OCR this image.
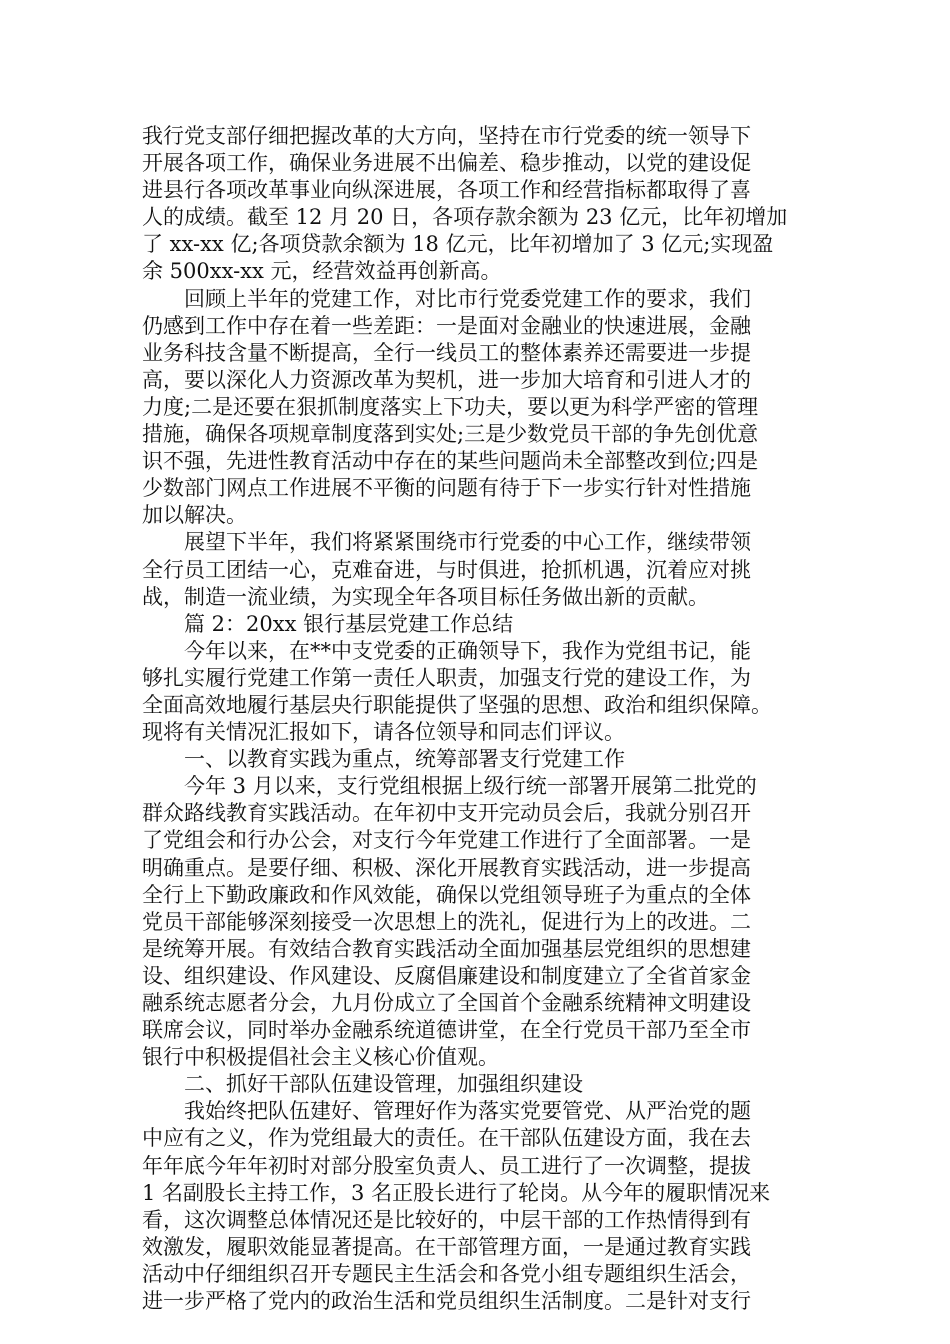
我行党支部仔细把握改革的大方向，坚持在市行党委的统一领导下
开展各项工作，确保业务进展不出偏差、稳步推动，以党的建设促
进县行各项改革事业向纵深进展，各项工作和经营指标都取得了喜
人的成绩。截至 12 月 20 日，各项存款余额为 23 亿元，比年初增加
了 xx-xx 亿;各项贷款余额为 18 亿元，比年初增加了 3 亿元;实现盈
余 500xx-xx 元，经营效益再创新高。
　　回顾上半年的党建工作，对比市行党委党建工作的要求，我们
仍感到工作中存在着一些差距：一是面对金融业的快速进展，金融
业务科技含量不断提高，全行一线员工的整体素养还需要进一步提
高，要以深化人力资源改革为契机，进一步加大培育和引进人才的
力度;二是还要在狠抓制度落实上下功夫，要以更为科学严密的管理
措施，确保各项规章制度落到实处;三是少数党员干部的争先创优意
识不强，先进性教育活动中存在的某些问题尚未全部整改到位;四是
少数部门网点工作进展不平衡的问题有待于下一步实行针对性措施
加以解决。
　　展望下半年，我们将紧紧围绕市行党委的中心工作，继续带领
全行员工团结一心，克难奋进，与时俱进，抢抓机遇，沉着应对挑
战，制造一流业绩，为实现全年各项目标任务做出新的贡献。
　　篇 2：20xx 银行基层党建工作总结
　　今年以来，在**中支党委的正确领导下，我作为党组书记，能
够扎实履行党建工作第一责任人职责，加强支行党的建设工作，为
全面高效地履行基层央行职能提供了坚强的思想、政治和组织保障。
现将有关情况汇报如下，请各位领导和同志们评议。
　　一、以教育实践为重点，统筹部署支行党建工作
　　今年 3 月以来，支行党组根据上级行统一部署开展第二批党的
群众路线教育实践活动。在年初中支开完动员会后，我就分别召开
了党组会和行办公会，对支行今年党建工作进行了全面部署。一是
明确重点。是要仔细、积极、深化开展教育实践活动，进一步提高
全行上下勤政廉政和作风效能，确保以党组领导班子为重点的全体
党员干部能够深刻接受一次思想上的洗礼，促进行为上的改进。二
是统筹开展。有效结合教育实践活动全面加强基层党组织的思想建
设、组织建设、作风建设、反腐倡廉建设和制度建立了全省首家金
融系统志愿者分会，九月份成立了全国首个金融系统精神文明建设
联席会议，同时举办金融系统道德讲堂，在全行党员干部乃至全市
银行中积极提倡社会主义核心价值观。
　　二、抓好干部队伍建设管理，加强组织建设
　　我始终把队伍建好、管理好作为落实党要管党、从严治党的题
中应有之义，作为党组最大的责任。在干部队伍建设方面，我在去
年年底今年年初时对部分股室负责人、员工进行了一次调整，提拔
1 名副股长主持工作，3 名正股长进行了轮岗。从今年的履职情况来
看，这次调整总体情况还是比较好的，中层干部的工作热情得到有
效激发，履职效能显著提高。在干部管理方面，一是通过教育实践
活动中仔细组织召开专题民主生活会和各党小组专题组织生活会，
进一步严格了党内的政治生活和党员组织生活制度。二是针对支行
